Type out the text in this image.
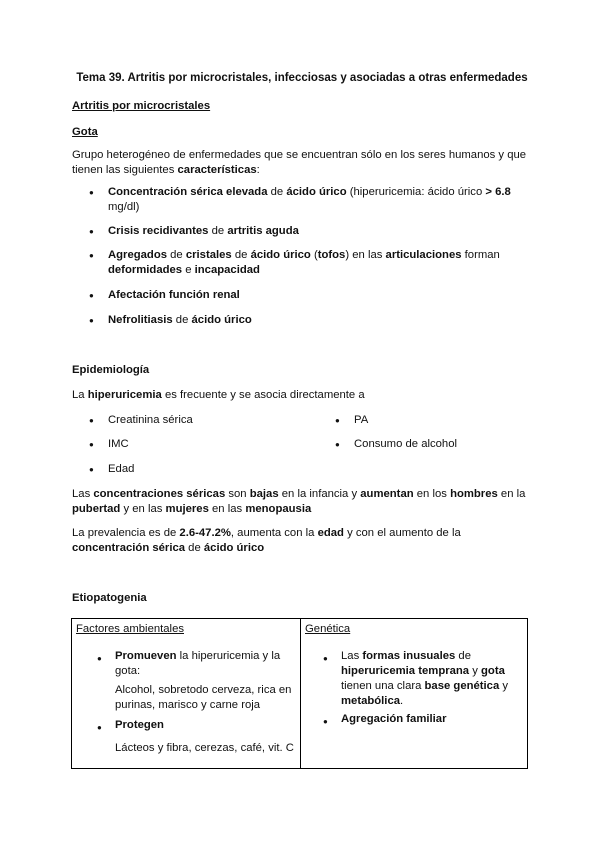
Tema 39. Artritis por microcristales, infecciosas y asociadas a otras enfermedades
Artritis por microcristales
Gota
Grupo heterogéneo de enfermedades que se encuentran sólo en los seres humanos y que tienen las siguientes características:
● Concentración sérica elevada de ácido úrico (hiperuricemia: ácido úrico > 6.8 mg/dl)
● Crisis recidivantes de artritis aguda
● Agregados de cristales de ácido úrico (tofos) en las articulaciones forman deformidades e incapacidad
● Afectación función renal
● Nefrolitiasis de ácido úrico
Epidemiología
La hiperuricemia es frecuente y se asocia directamente a
● Creatinina sérica
● IMC
● Edad
● PA
● Consumo de alcohol
Las concentraciones séricas son bajas en la infancia y aumentan en los hombres en la pubertad y en las mujeres en las menopausia
La prevalencia es de 2.6-47.2%, aumenta con la edad y con el aumento de la concentración sérica de ácido úrico
Etiopatogenia
Factores ambientales
● Promueven la hiperuricemia y la gota:
Alcohol, sobretodo cerveza, rica en purinas, marisco y carne roja
● Protegen
Lácteos y fibra, cerezas, café, vit. C

Genética
● Las formas inusuales de hiperuricemia temprana y gota tienen una clara base genética y metabólica.
● Agregación familiar
